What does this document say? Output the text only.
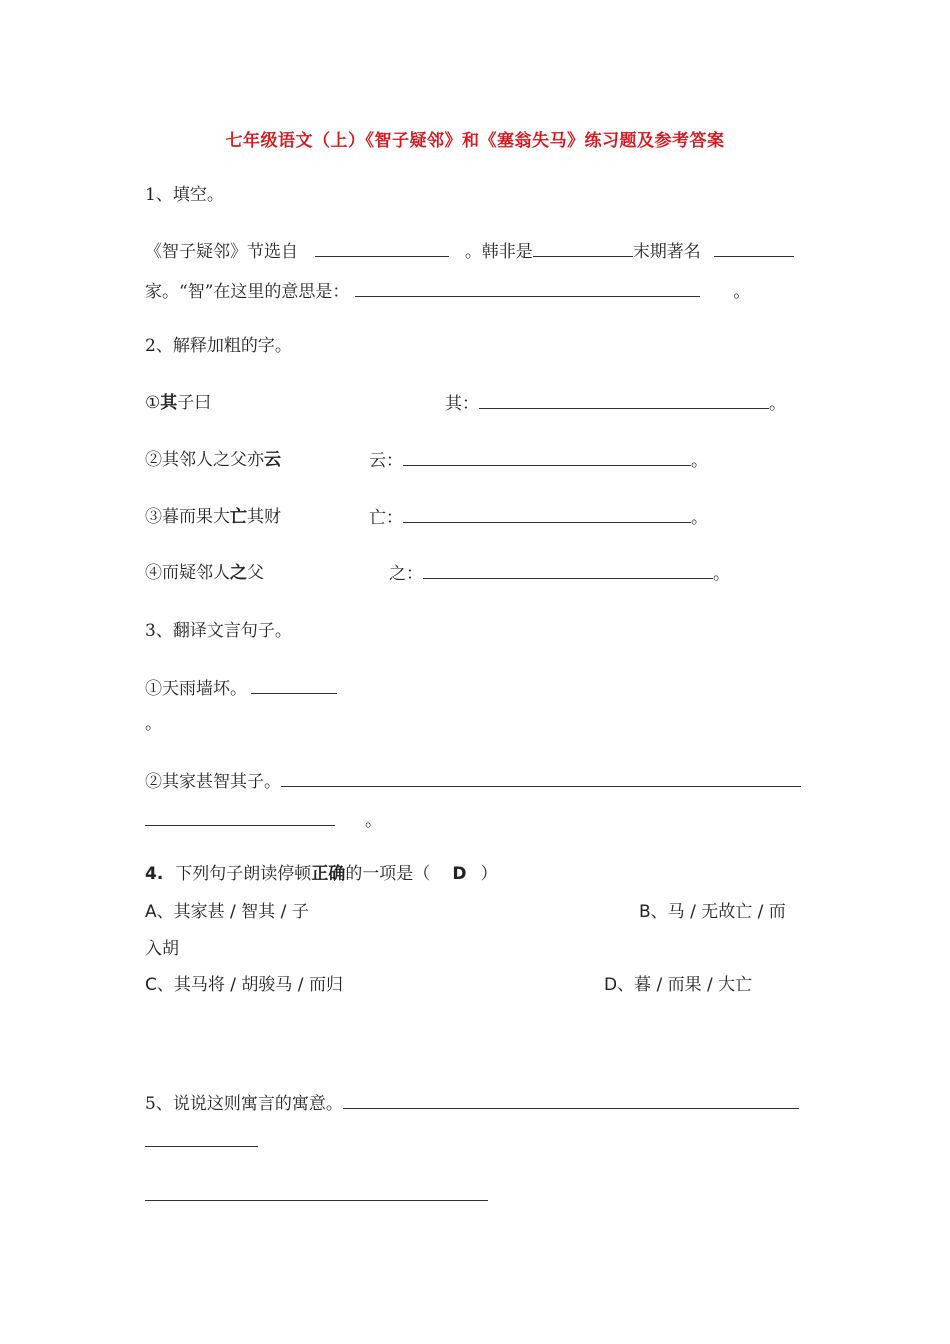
七年级语文（上）《智子疑邻》和《塞翁失马》练习题及参考答案
1、填空。
《智子疑邻》节选自	。韩非是	末期著名
家。“智”在这里的意思是：	。
2、解释加粗的字。
①其子曰	其：	。
②其邻人之父亦云	云：	。
③暮而果大亡其财	亡：	。
④而疑邻人之父	之：	。
3、翻译文言句子。
①天雨墙坏。
。
②其家甚智其子。
。
4. 下列句子朗读停顿正确的一项是（ D ）
A、其家甚 / 智其 / 子	B、马 / 无故亡 / 而
入胡
C、其马将 / 胡骏马 / 而归	D、暮 / 而果 / 大亡
5、说说这则寓言的寓意。
